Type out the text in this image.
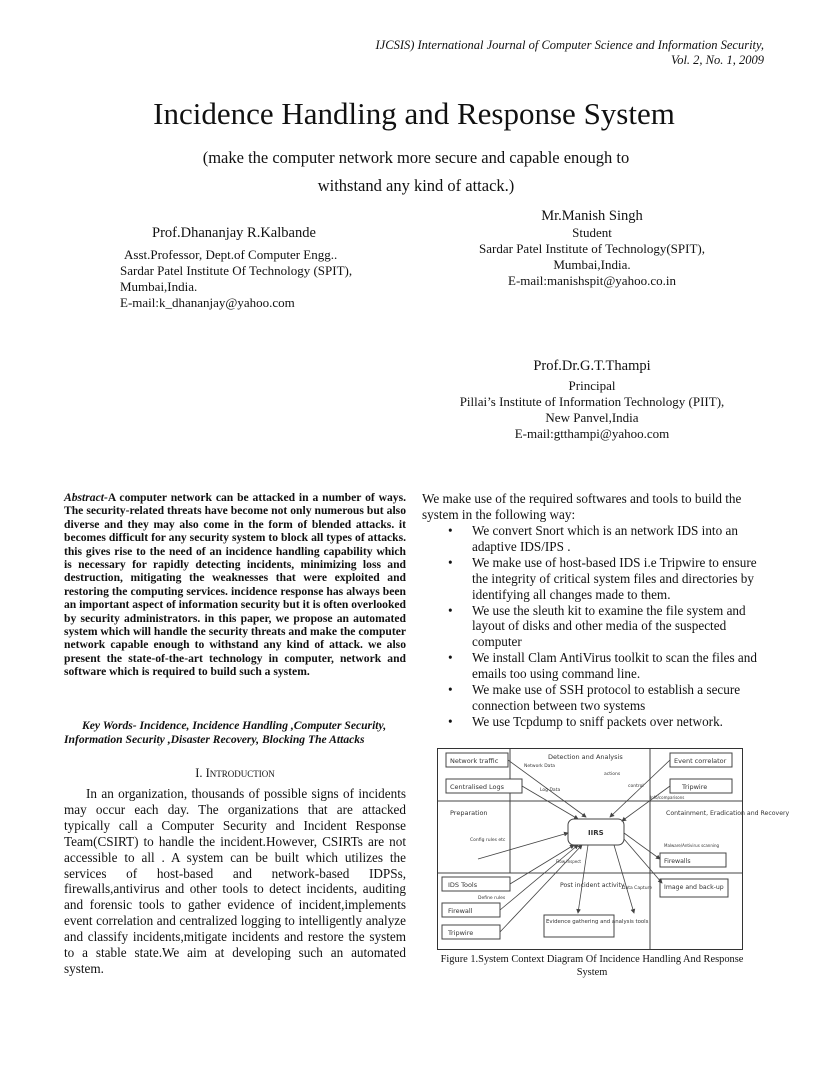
IJCSIS) International Journal of Computer Science and Information Security,
Vol. 2, No. 1, 2009
Incidence Handling and Response System
(make the computer network more secure and capable enough to
withstand any kind of attack.)
Prof.Dhananjay R.Kalbande
Asst.Professor, Dept.of Computer Engg..
Sardar Patel Institute Of Technology (SPIT),
Mumbai,India.
E-mail:k_dhananjay@yahoo.com
Mr.Manish Singh
Student
Sardar Patel Institute of Technology(SPIT),
Mumbai,India.
E-mail:manishspit@yahoo.co.in
Prof.Dr.G.T.Thampi
Principal
Pillai’s Institute of Information Technology (PIIT),
New Panvel,India
E-mail:gtthampi@yahoo.com
Abstract-A computer network can be attacked in a number of ways. The security-related threats have become not only numerous but also diverse and they may also come in the form of blended attacks. it becomes difficult for any security system to block all types of attacks. this gives rise to the need of an incidence handling capability which is necessary for rapidly detecting incidents, minimizing loss and destruction, mitigating the weaknesses that were exploited and restoring the computing services. incidence response has always been an important aspect of information security but it is often overlooked by security administrators. in this paper, we propose an automated system which will handle the security threats and make the computer network capable enough to withstand any kind of attack. we also present the state-of-the-art technology in computer, network and software which is required to build such a system.
Key Words- Incidence, Incidence Handling ,Computer Security, Information Security ,Disaster Recovery, Blocking The Attacks
I. Introduction
In an organization, thousands of possible signs of incidents may occur each day. The organizations that are attacked typically call a Computer Security and Incident Response Team(CSIRT) to handle the incident.However, CSIRTs are not accessible to all . A system can be built which utilizes the services of host-based and network-based IDPSs, firewalls,antivirus and other tools to detect incidents, auditing and forensic tools to gather evidence of incident,implements event correlation and centralized logging to intelligently analyze and classify incidents,mitigate incidents and restore the system to a stable state.We aim at developing such an automated system.
We make use of the required softwares and tools to build the system in the following way:
• We convert Snort which is an network IDS into an adaptive IDS/IPS .
• We make use of host-based IDS i.e Tripwire to ensure the integrity of critical system files and directories by identifying all changes made to them.
• We use the sleuth kit to examine the file system and layout of disks and other media of the suspected computer
• We install Clam AntiVirus toolkit to scan the files and emails too using command line.
• We make use of SSH protocol to establish a secure connection between two systems
• We use Tcpdump to sniff packets over network.
Network traffic	Detection and Analysis	Event correlator
Network Data
actions
Centralised Logs	Tripwire
Log Data
control
Info/comparisons
Preparation	Containment, Eradication and Recovery
Config rules etc
IIRS
Malware/Antivirus scanning
Firewalls
Flow Inspect
IDS Tools	Post incident activity
Data Capture Image and back-up
Define rules
Firewall
Evidence gathering and analysis tools
Tripwire
Figure 1.System Context Diagram Of Incidence Handling And Response
System
